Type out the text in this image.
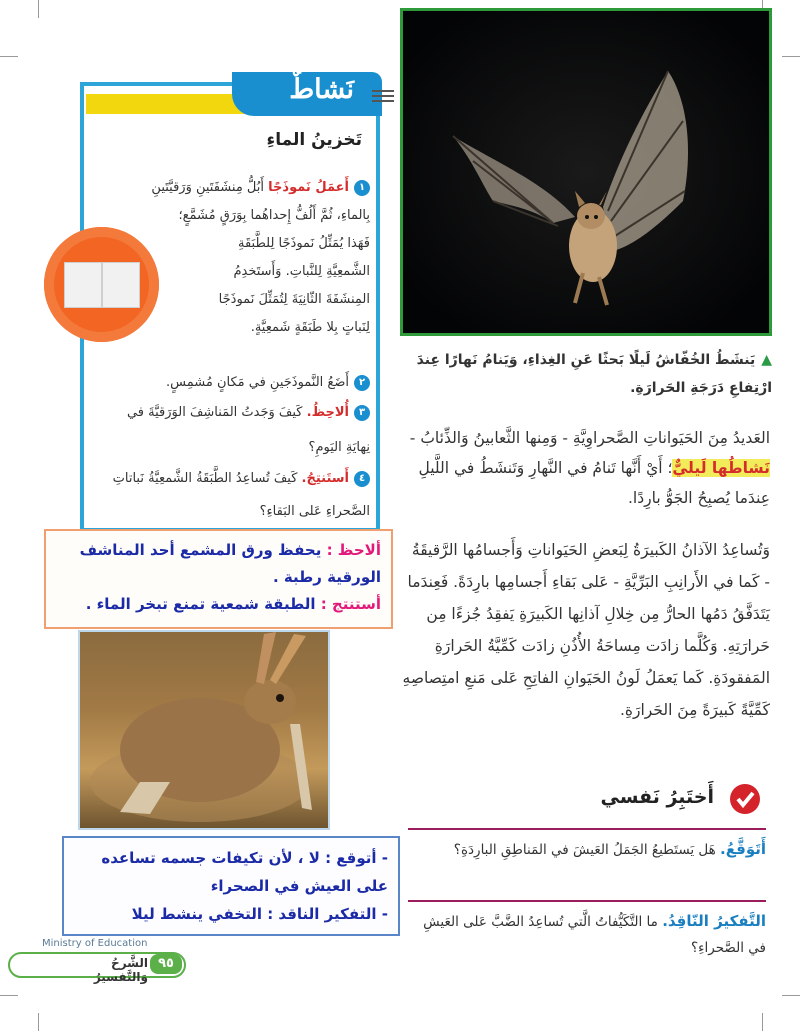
▲يَنشَطُ الخُفّاشُ لَيلًا بَحثًا عَنِ الغِذاءِ، وَيَنامُ نَهارًا عِندَ ارْتِفاعِ دَرَجَةِ الحَرارَةِ.
العَديدُ مِنَ الحَيَواناتِ الصَّحراوِيَّةِ - وَمِنها الثَّعابينُ وَالذِّئابُ - نَشاطُها لَيليٌّ؛ أَيْ أَنَّها تَنامُ في النَّهارِ وَتَنشَطُ في اللَّيلِ عِندَما يُصبِحُ الجَوُّ بارِدًا.
وَتُساعِدُ الآذانُ الكَبيرَةُ لِبَعضِ الحَيَواناتِ وَأَجسامُها الرَّقيقَةُ - كَما في الأَرانِبِ البَرِّيَّةِ - عَلى بَقاءِ أَجسامِها بارِدَةً. فَعِندَما يَتَدَفَّقُ دَمُها الحارُّ مِن خِلالِ آذانِها الكَبيرَةِ يَفقِدُ جُزءًا مِن حَرارَتِهِ. وَكُلَّما زادَت مِساحَةُ الأُذُنِ زادَت كَمِّيَّةُ الحَرارَةِ المَفقودَةِ. كَما يَعمَلُ لَونُ الحَيَوانِ الفاتِحِ عَلى مَنعِ امتِصاصِهِ كَمِّيَّةً كَبيرَةً مِنَ الحَرارَةِ.
أَختَبِرُ نَفسي
أَتَوَقَّعُ. هَل يَستَطيعُ الجَمَلُ العَيشَ في المَناطِقِ البارِدَةِ؟
التَّفكيرُ النّاقِدُ. ما التَّكَيُّفاتُ الَّتي تُساعِدُ الضَّبَّ عَلى العَيشِ في الصَّحراءِ؟
نَشاطٌ
تَخزينُ الماءِ
١أَعمَلُ نَموذَجًا أَبُلُّ مِنشَفَتَينِ وَرَقيَّتَينِ
بِالماءِ، ثُمَّ أَلُفُّ إِحداهُما بِوَرَقٍ مُشَمَّعٍ؛
فَهَذا يُمَثِّلُ نَموذَجًا لِلطَّبَقَةِ
الشَّمعِيَّةِ لِلنَّباتِ. وَأَستَخدِمُ
المِنشَفَةَ الثّانِيَةَ لِتُمَثِّلَ نَموذَجًا
لِنَباتٍ بِلا طَبَقَةٍ شَمعِيَّةٍ.
٢أَضَعُ النَّموذَجَينِ في مَكانٍ مُشمِسٍ.
٣أُلاحِظُ. كَيفَ وَجَدتُ المَناشِفَ الوَرَقيَّةَ في
نِهايَةِ اليَومِ؟
٤أَستَنتِجُ. كَيفَ تُساعِدُ الطَّبَقَةُ الشَّمعِيَّةُ نَباتاتِ
الصَّحراءِ عَلى البَقاءِ؟
ألاحظ : يحفظ ورق المشمع أحد المناشف الورقية رطبة .
أستنتج : الطبقة شمعية تمنع تبخر الماء .
- أتوقع : لا ، لأن تكيفات جسمه تساعده
على العيش في الصحراء
- التفكير الناقد : التخفي ينشط ليلا
Ministry of Education
الشَّرحُ وَالتَّفسيرُ
٩٥
